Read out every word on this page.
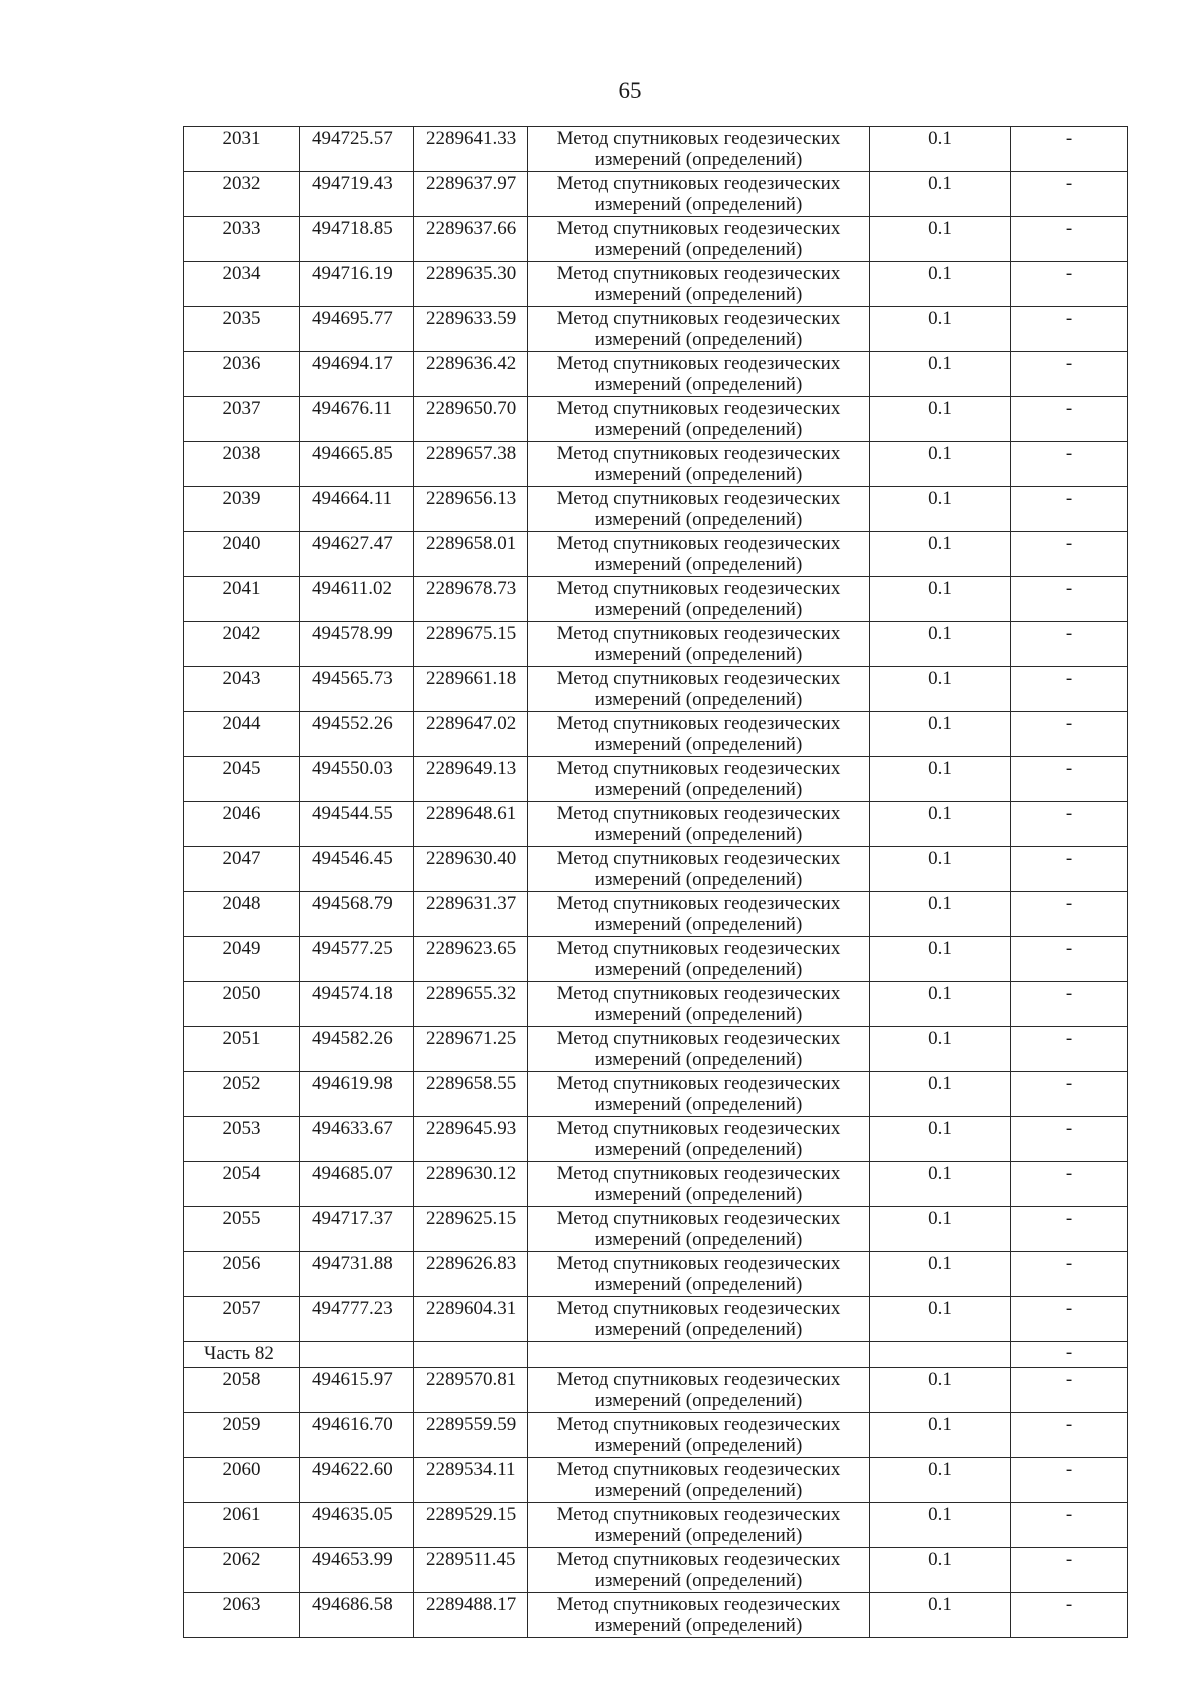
65
2031	494725.57	2289641.33	Метод спутниковых геодезических
измерений (определений)	0.1	-
2032	494719.43	2289637.97	Метод спутниковых геодезических
измерений (определений)	0.1	-
2033	494718.85	2289637.66	Метод спутниковых геодезических
измерений (определений)	0.1	-
2034	494716.19	2289635.30	Метод спутниковых геодезических
измерений (определений)	0.1	-
2035	494695.77	2289633.59	Метод спутниковых геодезических
измерений (определений)	0.1	-
2036	494694.17	2289636.42	Метод спутниковых геодезических
измерений (определений)	0.1	-
2037	494676.11	2289650.70	Метод спутниковых геодезических
измерений (определений)	0.1	-
2038	494665.85	2289657.38	Метод спутниковых геодезических
измерений (определений)	0.1	-
2039	494664.11	2289656.13	Метод спутниковых геодезических
измерений (определений)	0.1	-
2040	494627.47	2289658.01	Метод спутниковых геодезических
измерений (определений)	0.1	-
2041	494611.02	2289678.73	Метод спутниковых геодезических
измерений (определений)	0.1	-
2042	494578.99	2289675.15	Метод спутниковых геодезических
измерений (определений)	0.1	-
2043	494565.73	2289661.18	Метод спутниковых геодезических
измерений (определений)	0.1	-
2044	494552.26	2289647.02	Метод спутниковых геодезических
измерений (определений)	0.1	-
2045	494550.03	2289649.13	Метод спутниковых геодезических
измерений (определений)	0.1	-
2046	494544.55	2289648.61	Метод спутниковых геодезических
измерений (определений)	0.1	-
2047	494546.45	2289630.40	Метод спутниковых геодезических
измерений (определений)	0.1	-
2048	494568.79	2289631.37	Метод спутниковых геодезических
измерений (определений)	0.1	-
2049	494577.25	2289623.65	Метод спутниковых геодезических
измерений (определений)	0.1	-
2050	494574.18	2289655.32	Метод спутниковых геодезических
измерений (определений)	0.1	-
2051	494582.26	2289671.25	Метод спутниковых геодезических
измерений (определений)	0.1	-
2052	494619.98	2289658.55	Метод спутниковых геодезических
измерений (определений)	0.1	-
2053	494633.67	2289645.93	Метод спутниковых геодезических
измерений (определений)	0.1	-
2054	494685.07	2289630.12	Метод спутниковых геодезических
измерений (определений)	0.1	-
2055	494717.37	2289625.15	Метод спутниковых геодезических
измерений (определений)	0.1	-
2056	494731.88	2289626.83	Метод спутниковых геодезических
измерений (определений)	0.1	-
2057	494777.23	2289604.31	Метод спутниковых геодезических
измерений (определений)	0.1	-
Часть 82					-
2058	494615.97	2289570.81	Метод спутниковых геодезических
измерений (определений)	0.1	-
2059	494616.70	2289559.59	Метод спутниковых геодезических
измерений (определений)	0.1	-
2060	494622.60	2289534.11	Метод спутниковых геодезических
измерений (определений)	0.1	-
2061	494635.05	2289529.15	Метод спутниковых геодезических
измерений (определений)	0.1	-
2062	494653.99	2289511.45	Метод спутниковых геодезических
измерений (определений)	0.1	-
2063	494686.58	2289488.17	Метод спутниковых геодезических
измерений (определений)	0.1	-
